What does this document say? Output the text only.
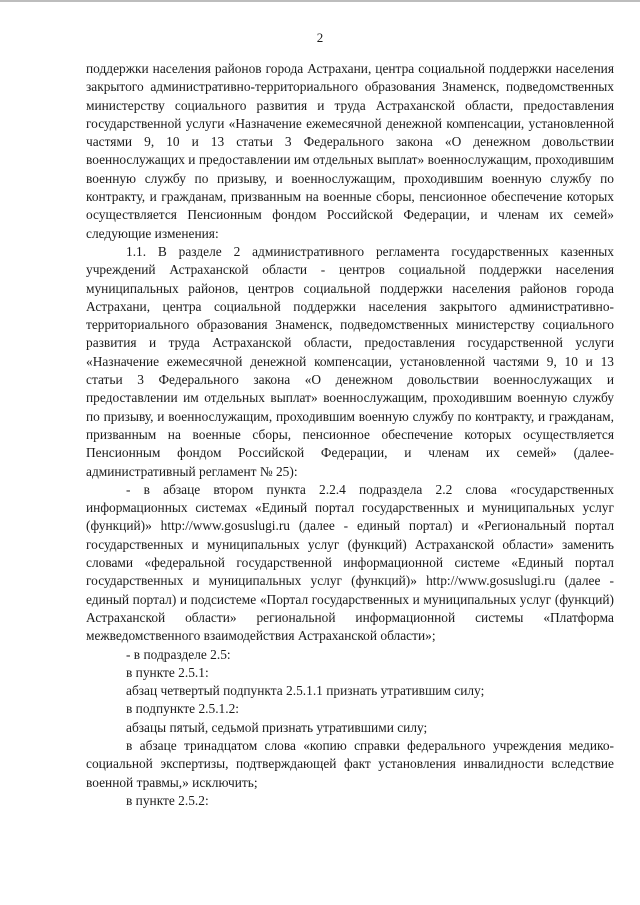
2

поддержки населения районов города Астрахани, центра социальной поддержки населения закрытого административно-территориального образования Знаменск, подведомственных министерству социального развития и труда Астраханской области, предоставления государственной услуги «Назначение ежемесячной денежной компенсации, установленной частями 9, 10 и 13 статьи 3 Федерального закона «О денежном довольствии военнослужащих и предоставлении им отдельных выплат» военнослужащим, проходившим военную службу по призыву, и военнослужащим, проходившим военную службу по контракту, и гражданам, призванным на военные сборы, пенсионное обеспечение которых осуществляется Пенсионным фондом Российской Федерации, и членам их семей» следующие изменения:

1.1. В разделе 2 административного регламента государственных казенных учреждений Астраханской области - центров социальной поддержки населения муниципальных районов, центров социальной поддержки населения районов города Астрахани, центра социальной поддержки населения закрытого административно-территориального образования Знаменск, подведомственных министерству социального развития и труда Астраханской области, предоставления государственной услуги «Назначение ежемесячной денежной компенсации, установленной частями 9, 10 и 13 статьи 3 Федерального закона «О денежном довольствии военнослужащих и предоставлении им отдельных выплат» военнослужащим, проходившим военную службу по призыву, и военнослужащим, проходившим военную службу по контракту, и гражданам, призванным на военные сборы, пенсионное обеспечение которых осуществляется Пенсионным фондом Российской Федерации, и членам их семей» (далее- административный регламент № 25):

- в абзаце втором пункта 2.2.4 подраздела 2.2 слова «государственных информационных системах «Единый портал государственных и муниципальных услуг (функций)» http://www.gosuslugi.ru (далее - единый портал) и «Региональный портал государственных и муниципальных услуг (функций) Астраханской области» заменить словами «федеральной государственной информационной системе «Единый портал государственных и муниципальных услуг (функций)» http://www.gosuslugi.ru (далее - единый портал) и подсистеме «Портал государственных и муниципальных услуг (функций) Астраханской области» региональной информационной системы «Платформа межведомственного взаимодействия Астраханской области»;

- в подразделе 2.5:

в пункте 2.5.1:

абзац четвертый подпункта 2.5.1.1 признать утратившим силу;

в подпункте 2.5.1.2:

абзацы пятый, седьмой признать утратившими силу;

в абзаце тринадцатом слова «копию справки федерального учреждения медико-социальной экспертизы, подтверждающей факт установления инвалидности вследствие военной травмы,» исключить;

в пункте 2.5.2:
